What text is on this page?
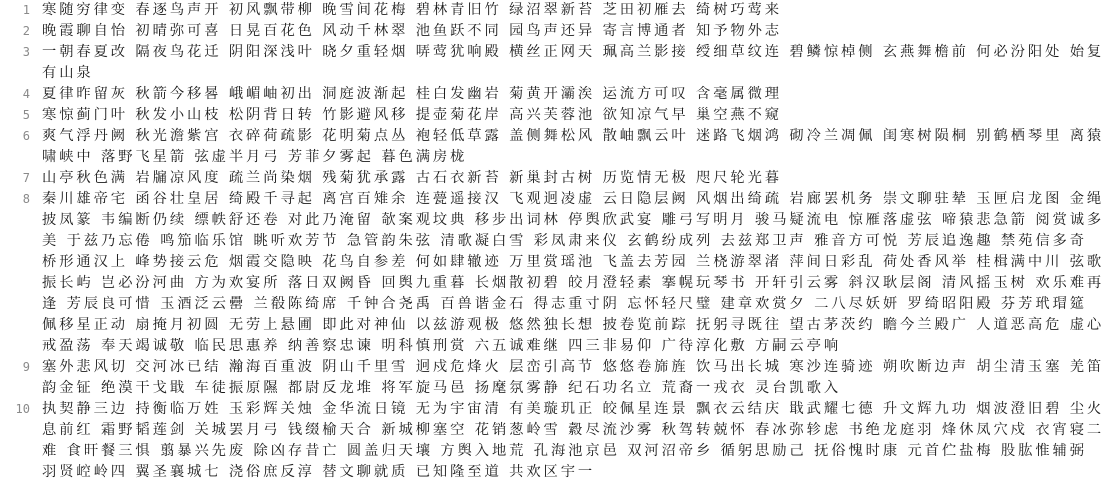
1 寒随穷律变 春逐鸟声开 初风飘带柳 晚雪间花梅 碧林青旧竹 绿沼翠新苔 芝田初雁去 绮树巧莺来
2 晚霞聊自怡 初晴弥可喜 日晃百花色 风动千林翠 池鱼跃不同 园鸟声还异 寄言博通者 知予物外志
3 一朝春夏改 隔夜鸟花迁 阴阳深浅叶 晓夕重轻烟 哢莺犹响殿 横丝正网天 珮高兰影接 绶细草纹连 碧鳞惊棹侧 玄燕舞檐前 何必汾阳处 始复有山泉
4 夏律昨留灰 秋箭今移晷 峨嵋岫初出 洞庭波渐起 桂白发幽岩 菊黄开灞涘 运流方可叹 含毫属微理
5 寒惊蓟门叶 秋发小山枝 松阴背日转 竹影避风移 提壶菊花岸 高兴芙蓉池 欲知凉气早 巢空燕不窥
6 爽气浮丹阙 秋光澹紫宫 衣碎荷疏影 花明菊点丛 袍轻低草露 盖侧舞松风 散岫飘云叶 迷路飞烟鸿 砌冷兰凋佩 闺寒树陨桐 别鹤栖琴里 离猿啸峡中 落野飞星箭 弦虚半月弓 芳菲夕雾起 暮色满房栊
7 山亭秋色满 岩牖凉风度 疏兰尚染烟 残菊犹承露 古石衣新苔 新巢封古树 历览情无极 咫尺轮光暮
8 秦川雄帝宅 函谷壮皇居 绮殿千寻起 离宫百雉余 连甍遥接汉 飞观迥凌虚 云日隐层阙 风烟出绮疏 岩廊罢机务 崇文聊驻辇 玉匣启龙图 金绳披凤篆 韦编断仍续 缥帙舒还卷 对此乃淹留 欹案观坟典 移步出词林 停舆欣武宴 雕弓写明月 骏马疑流电 惊雁落虚弦 啼猿悲急箭 阅赏诚多美 于兹乃忘倦 鸣笳临乐馆 眺听欢芳节 急管韵朱弦 清歌凝白雪 彩凤肃来仪 玄鹤纷成列 去兹郑卫声 雅音方可悦 芳辰追逸趣 禁苑信多奇 桥形通汉上 峰势接云危 烟霞交隐映 花鸟自参差 何如肆辙迹 万里赏瑶池 飞盖去芳园 兰桡游翠渚 萍间日彩乱 荷处香风举 桂楫满中川 弦歌振长屿 岂必汾河曲 方为欢宴所 落日双阙昏 回舆九重暮 长烟散初碧 皎月澄轻素 搴幌玩琴书 开轩引云雾 斜汉耿层阁 清风摇玉树 欢乐难再逢 芳辰良可惜 玉酒泛云罍 兰殽陈绮席 千钟合尧禹 百兽谐金石 得志重寸阴 忘怀轻尺璧 建章欢赏夕 二八尽妖妍 罗绮昭阳殿 芬芳玳瑁筵 佩移星正动 扇掩月初圆 无劳上悬圃 即此对神仙 以兹游观极 悠然独长想 披卷览前踪 抚躬寻既往 望古茅茨约 瞻今兰殿广 人道恶高危 虚心戒盈荡 奉天竭诚敬 临民思惠养 纳善察忠谏 明科慎刑赏 六五诚难继 四三非易仰 广待淳化敷 方嗣云亭响
9 塞外悲风切 交河冰已结 瀚海百重波 阴山千里雪 迥戍危烽火 层峦引高节 悠悠卷旆旌 饮马出长城 寒沙连骑迹 朔吹断边声 胡尘清玉塞 羌笛韵金钲 绝漠干戈戢 车徒振原隰 都尉反龙堆 将军旋马邑 扬麾氛雾静 纪石功名立 荒裔一戎衣 灵台凯歌入
10 执契静三边 持衡临万姓 玉彩辉关烛 金华流日镜 无为宇宙清 有美璇玑正 皎佩星连景 飘衣云结庆 戢武耀七德 升文辉九功 烟波澄旧碧 尘火息前红 霜野韬莲剑 关城罢月弓 钱缀榆天合 新城柳塞空 花销葱岭雪 縠尽流沙雾 秋驾转兢怀 春冰弥轸虑 书绝龙庭羽 烽休凤穴戍 衣宵寝二难 食旰餐三惧 翦暴兴先废 除凶存昔亡 圆盖归天壤 方舆入地荒 孔海池京邑 双河沼帝乡 循躬思励己 抚俗愧时康 元首伫盐梅 股肱惟辅弼 羽贤崆岭四 翼圣襄城七 浇俗庶反淳 替文聊就质 已知隆至道 共欢区宇一
